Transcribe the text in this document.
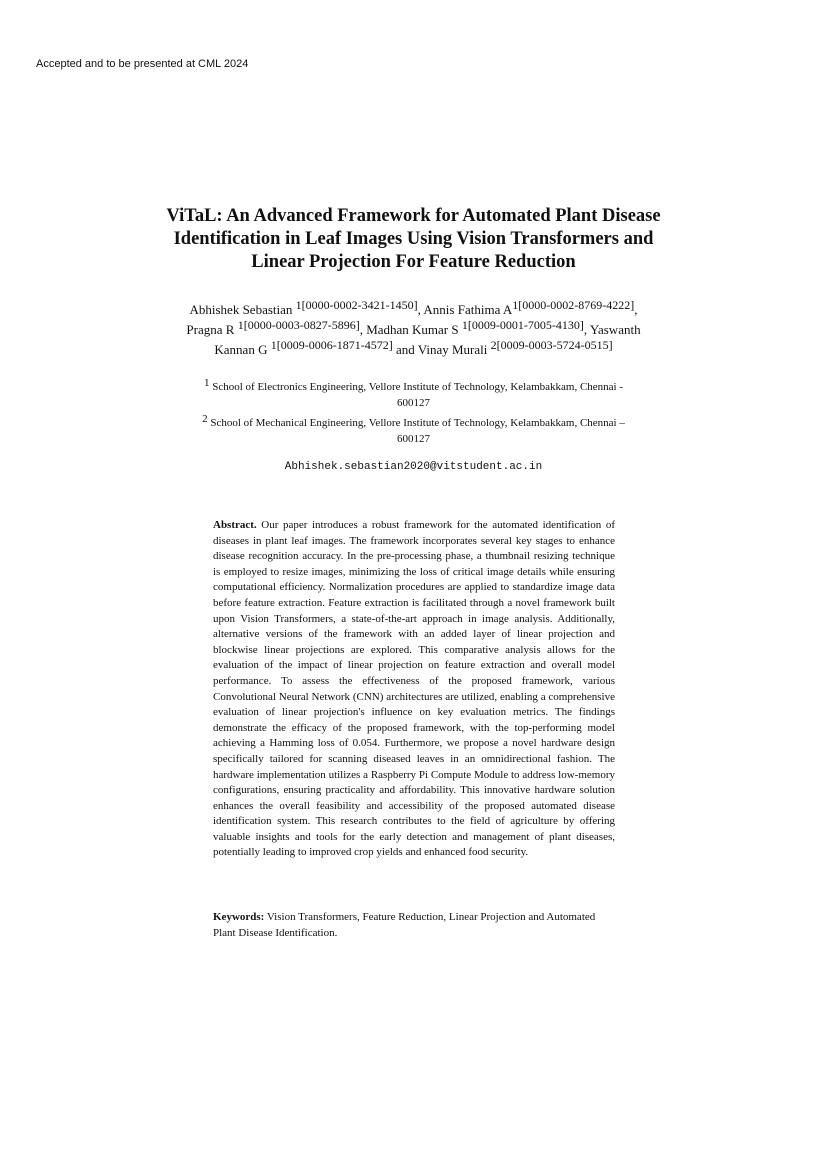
Accepted and to be presented at CML 2024
ViTaL: An Advanced Framework for Automated Plant Disease Identification in Leaf Images Using Vision Transformers and Linear Projection For Feature Reduction
Abhishek Sebastian $^{1[0000-0002-3421-1450]}$, Annis Fathima $A^{1[0000-0002-8769-4222]}$, Pragna R $^{1[0000-0003-0827-5896]}$, Madhan Kumar S $^{1[0009-0001-7005-4130]}$, Yaswanth Kannan G $^{1[0009-0006-1871-4572]}$ and Vinay Murali $^{2[0009-0003-5724-0515]}$
$^1$ School of Electronics Engineering, Vellore Institute of Technology, Kelambakkam, Chennai - 600127
$^2$ School of Mechanical Engineering, Vellore Institute of Technology, Kelambakkam, Chennai – 600127
Abhishek.sebastian2020@vitstudent.ac.in

Abstract. Our paper introduces a robust framework for the automated identification of diseases in plant leaf images. The framework incorporates several key stages to enhance disease recognition accuracy. In the pre-processing phase, a thumbnail resizing technique is employed to resize images, minimizing the loss of critical image details while ensuring computational efficiency. Normalization procedures are applied to standardize image data before feature extraction. Feature extraction is facilitated through a novel framework built upon Vision Transformers, a state-of-the-art approach in image analysis. Additionally, alternative versions of the framework with an added layer of linear projection and blockwise linear projections are explored. This comparative analysis allows for the evaluation of the impact of linear projection on feature extraction and overall model performance. To assess the effectiveness of the proposed framework, various Convolutional Neural Network (CNN) architectures are utilized, enabling a comprehensive evaluation of linear projection's influence on key evaluation metrics. The findings demonstrate the efficacy of the proposed framework, with the top-performing model achieving a Hamming loss of 0.054. Furthermore, we propose a novel hardware design specifically tailored for scanning diseased leaves in an omnidirectional fashion. The hardware implementation utilizes a Raspberry Pi Compute Module to address low-memory configurations, ensuring practicality and affordability. This innovative hardware solution enhances the overall feasibility and accessibility of the proposed automated disease identification system. This research contributes to the field of agriculture by offering valuable insights and tools for the early detection and management of plant diseases, potentially leading to improved crop yields and enhanced food security.

Keywords: Vision Transformers, Feature Reduction, Linear Projection and Automated Plant Disease Identification.
